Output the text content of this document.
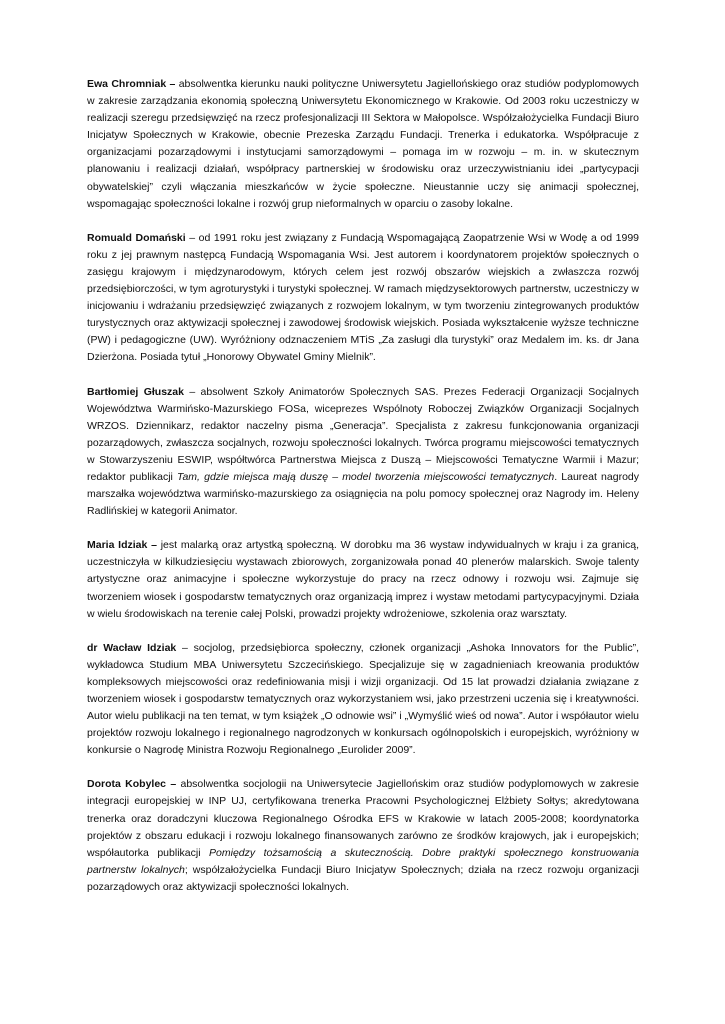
Ewa Chromniak – absolwentka kierunku nauki polityczne Uniwersytetu Jagiellońskiego oraz studiów podyplomowych w zakresie zarządzania ekonomią społeczną Uniwersytetu Ekonomicznego w Krakowie. Od 2003 roku uczestniczy w realizacji szeregu przedsięwzięć na rzecz profesjonalizacji III Sektora w Małopolsce. Współzałożycielka Fundacji Biuro Inicjatyw Społecznych w Krakowie, obecnie Prezeska Zarządu Fundacji. Trenerka i edukatorka. Współpracuje z organizacjami pozarządowymi i instytucjami samorządowymi – pomaga im w rozwoju – m. in. w skutecznym planowaniu i realizacji działań, współpracy partnerskiej w środowisku oraz urzeczywistnianiu idei „partycypacji obywatelskiej” czyli włączania mieszkańców w życie społeczne. Nieustannie uczy się animacji społecznej, wspomagając społeczności lokalne i rozwój grup nieformalnych w oparciu o zasoby lokalne.

Romuald Domański – od 1991 roku jest związany z Fundacją Wspomagającą Zaopatrzenie Wsi w Wodę a od 1999 roku z jej prawnym następcą Fundacją Wspomagania Wsi. Jest autorem i koordynatorem projektów społecznych o zasięgu krajowym i międzynarodowym, których celem jest rozwój obszarów wiejskich a zwłaszcza rozwój przedsiębiorczości, w tym agroturystyki i turystyki społecznej. W ramach międzysektorowych partnerstw, uczestniczy w inicjowaniu i wdrażaniu przedsięwzięć związanych z rozwojem lokalnym, w tym tworzeniu zintegrowanych produktów turystycznych oraz aktywizacji społecznej i zawodowej środowisk wiejskich. Posiada wykształcenie wyższe techniczne (PW) i pedagogiczne (UW). Wyróżniony odznaczeniem MTiS „Za zasługi dla turystyki” oraz Medalem im. ks. dr Jana Dzierżona. Posiada tytuł „Honorowy Obywatel Gminy Mielnik”.

Bartłomiej Głuszak – absolwent Szkoły Animatorów Społecznych SAS. Prezes Federacji Organizacji Socjalnych Województwa Warmińsko-Mazurskiego FOSa, wiceprezes Wspólnoty Roboczej Związków Organizacji Socjalnych WRZOS. Dziennikarz, redaktor naczelny pisma „Generacja”. Specjalista z zakresu funkcjonowania organizacji pozarządowych, zwłaszcza socjalnych, rozwoju społeczności lokalnych. Twórca programu miejscowości tematycznych w Stowarzyszeniu ESWIP, współtwórca Partnerstwa Miejsca z Duszą – Miejscowości Tematyczne Warmii i Mazur; redaktor publikacji Tam, gdzie miejsca mają duszę – model tworzenia miejscowości tematycznych. Laureat nagrody marszałka województwa warmińsko-mazurskiego za osiągnięcia na polu pomocy społecznej oraz Nagrody im. Heleny Radlińskiej w kategorii Animator.

Maria Idziak – jest malarką oraz artystką społeczną. W dorobku ma 36 wystaw indywidualnych w kraju i za granicą, uczestniczyła w kilkudziesięciu wystawach zbiorowych, zorganizowała ponad 40 plenerów malarskich. Swoje talenty artystyczne oraz animacyjne i społeczne wykorzystuje do pracy na rzecz odnowy i rozwoju wsi. Zajmuje się tworzeniem wiosek i gospodarstw tematycznych oraz organizacją imprez i wystaw metodami partycypacyjnymi. Działa w wielu środowiskach na terenie całej Polski, prowadzi projekty wdrożeniowe, szkolenia oraz warsztaty.

dr Wacław Idziak – socjolog, przedsiębiorca społeczny, członek organizacji „Ashoka Innovators for the Public”, wykładowca Studium MBA Uniwersytetu Szczecińskiego. Specjalizuje się w zagadnieniach kreowania produktów kompleksowych miejscowości oraz redefiniowania misji i wizji organizacji. Od 15 lat prowadzi działania związane z tworzeniem wiosek i gospodarstw tematycznych oraz wykorzystaniem wsi, jako przestrzeni uczenia się i kreatywności. Autor wielu publikacji na ten temat, w tym książek „O odnowie wsi” i „Wymyślić wieś od nowa”. Autor i współautor wielu projektów rozwoju lokalnego i regionalnego nagrodzonych w konkursach ogólnopolskich i europejskich, wyróżniony w konkursie o Nagrodę Ministra Rozwoju Regionalnego „Eurolider 2009”.

Dorota Kobylec – absolwentka socjologii na Uniwersytecie Jagiellońskim oraz studiów podyplomowych w zakresie integracji europejskiej w INP UJ, certyfikowana trenerka Pracowni Psychologicznej Elżbiety Sołtys; akredytowana trenerka oraz doradczyni kluczowa Regionalnego Ośrodka EFS w Krakowie w latach 2005-2008; koordynatorka projektów z obszaru edukacji i rozwoju lokalnego finansowanych zarówno ze środków krajowych, jak i europejskich; współautorka publikacji Pomiędzy tożsamością a skutecznością. Dobre praktyki społecznego konstruowania partnerstw lokalnych; współzałożycielka Fundacji Biuro Inicjatyw Społecznych; działa na rzecz rozwoju organizacji pozarządowych oraz aktywizacji społeczności lokalnych.
